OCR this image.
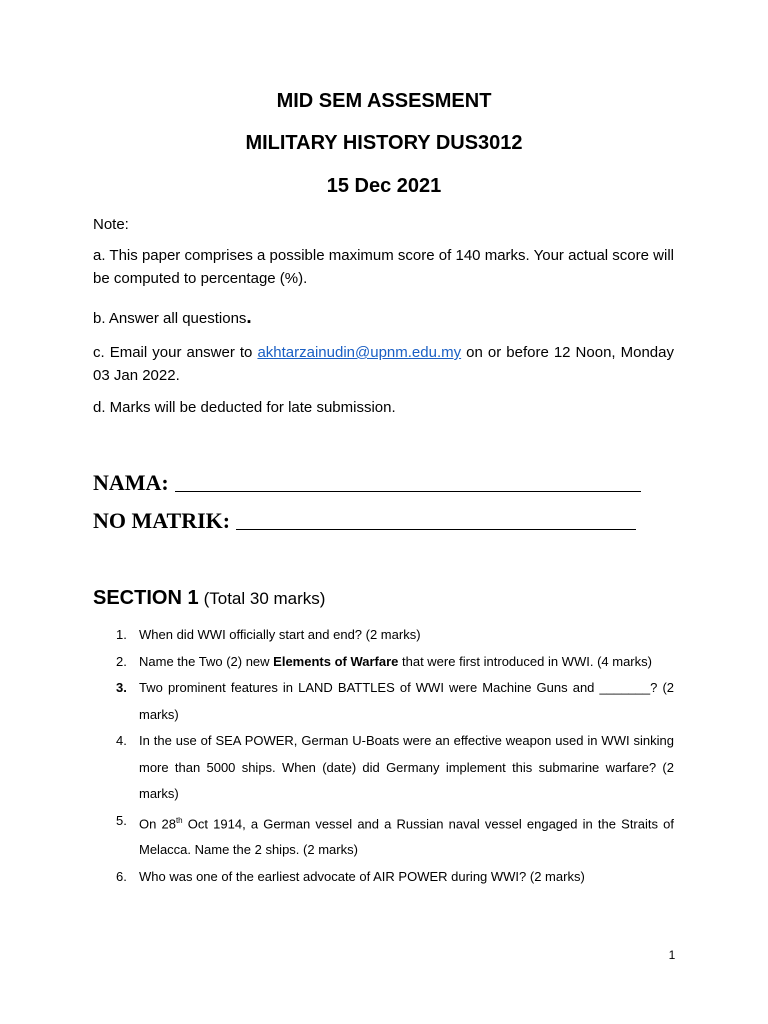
MID SEM ASSESMENT
MILITARY HISTORY DUS3012
15 Dec 2021

Note:

a. This paper comprises a possible maximum score of 140 marks. Your actual score will be computed to percentage (%).

b. Answer all questions.

c. Email your answer to akhtarzainudin@upnm.edu.my on or before 12 Noon, Monday 03 Jan 2022.

d. Marks will be deducted for late submission.

NAMA:
NO MATRIK:
SECTION 1 (Total 30 marks)
1. When did WWI officially start and end? (2 marks)
2. Name the Two (2) new Elements of Warfare that were first introduced in WWI. (4 marks)
3. Two prominent features in LAND BATTLES of WWI were Machine Guns and _______? (2 marks)
4. In the use of SEA POWER, German U-Boats were an effective weapon used in WWI sinking more than 5000 ships. When (date) did Germany implement this submarine warfare? (2 marks)
5. On 28th Oct 1914, a German vessel and a Russian naval vessel engaged in the Straits of Melacca. Name the 2 ships. (2 marks)
6. Who was one of the earliest advocate of AIR POWER during WWI? (2 marks)
1
